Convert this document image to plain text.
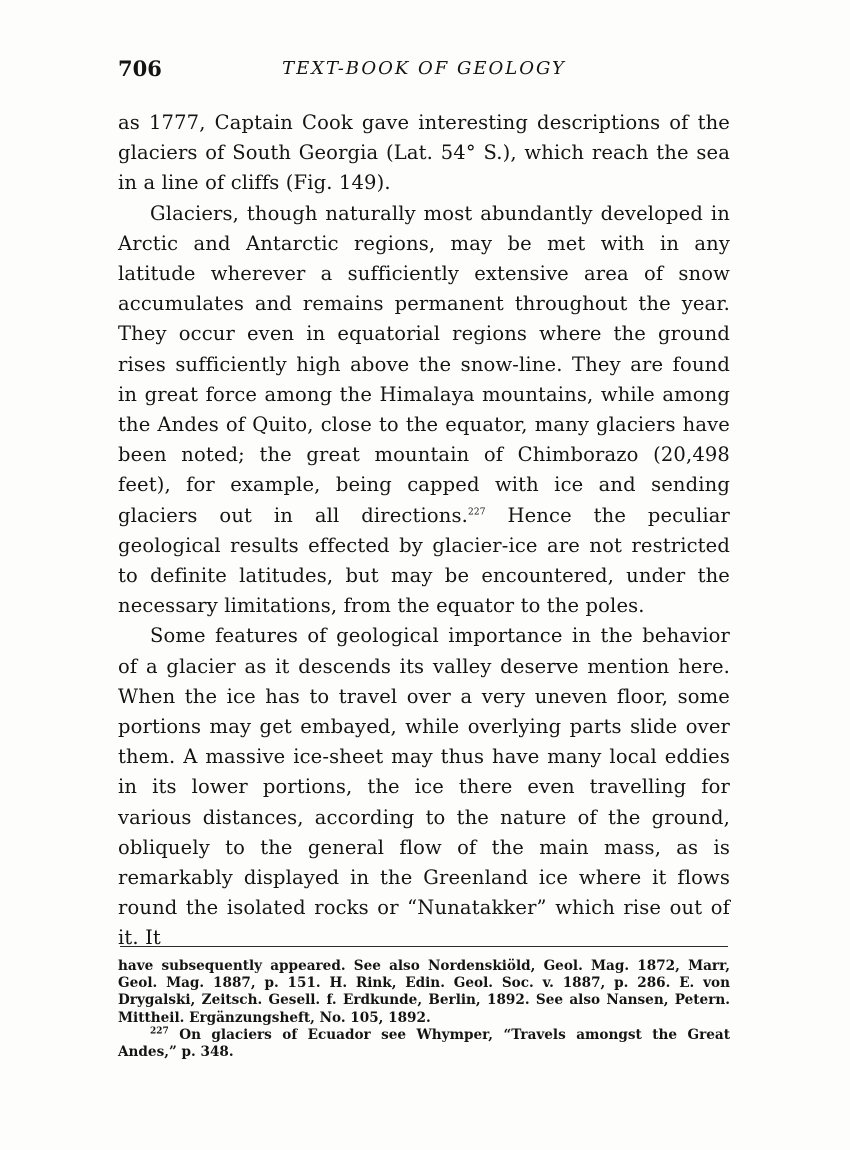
706	TEXT-BOOK OF GEOLOGY

as 1777, Captain Cook gave interesting descriptions of the glaciers of South Georgia (Lat. 54° S.), which reach the sea in a line of cliffs (Fig. 149).

Glaciers, though naturally most abundantly developed in Arctic and Antarctic regions, may be met with in any latitude wherever a sufficiently extensive area of snow accumulates and remains permanent throughout the year. They occur even in equatorial regions where the ground rises sufficiently high above the snow-line. They are found in great force among the Himalaya mountains, while among the Andes of Quito, close to the equator, many glaciers have been noted; the great mountain of Chimborazo (20,498 feet), for example, being capped with ice and sending glaciers out in all directions.$^{227}$ Hence the peculiar geological results effected by glacier-ice are not restricted to definite latitudes, but may be encountered, under the necessary limitations, from the equator to the poles.

Some features of geological importance in the behavior of a glacier as it descends its valley deserve mention here. When the ice has to travel over a very uneven floor, some portions may get embayed, while overlying parts slide over them. A massive ice-sheet may thus have many local eddies in its lower portions, the ice there even travelling for various distances, according to the nature of the ground, obliquely to the general flow of the main mass, as is remarkably displayed in the Greenland ice where it flows round the isolated rocks or “Nunatakker” which rise out of it. It

have subsequently appeared. See also Nordenskiöld, Geol. Mag. 1872, Marr, Geol. Mag. 1887, p. 151. H. Rink, Edin. Geol. Soc. v. 1887, p. 286. E. von Drygalski, Zeitsch. Gesell. f. Erdkunde, Berlin, 1892. See also Nansen, Petern. Mittheil. Ergänzungsheft, No. 105, 1892.

$^{227}$ On glaciers of Ecuador see Whymper, “Travels amongst the Great Andes,” p. 348.
